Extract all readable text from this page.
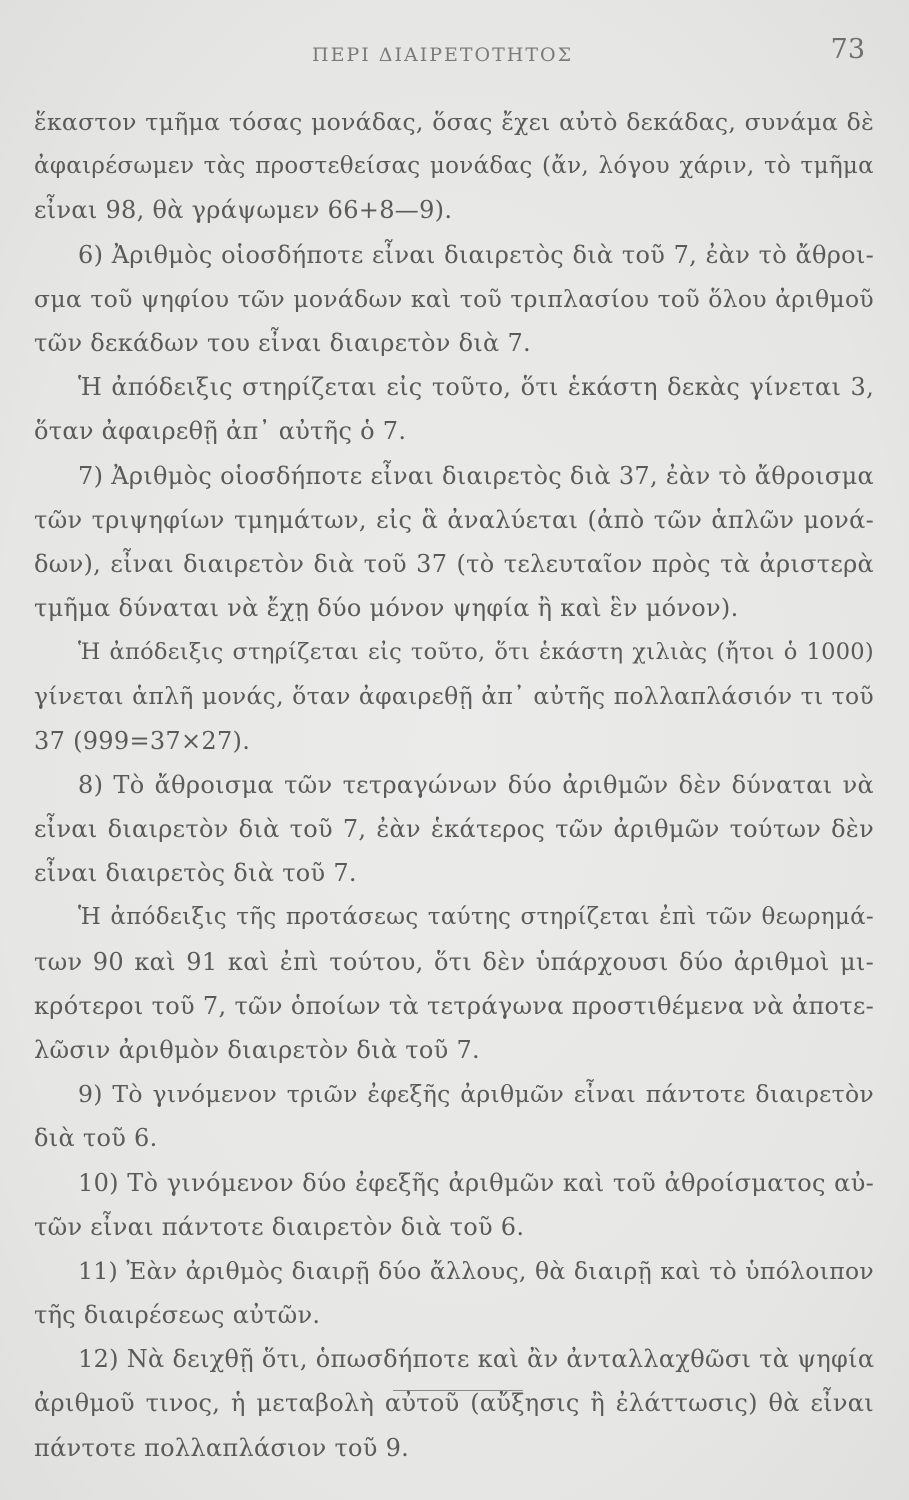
ΠΕΡΙ ΔΙΑΙΡΕΤΟΤΗΤΟΣ	73
ἕκαστον τμῆμα τόσας μονάδας, ὅσας ἔχει αὐτὸ δεκάδας, συνάμα δὲ
ἀφαιρέσωμεν τὰς προστεθείσας μονάδας (ἄν, λόγου χάριν, τὸ τμῆμα
εἶναι 98, θὰ γράψωμεν 66+8—9).
6) Ἀριθμὸς οἱοσδήποτε εἶναι διαιρετὸς διὰ τοῦ 7, ἐὰν τὸ ἄθροι-
σμα τοῦ ψηφίου τῶν μονάδων καὶ τοῦ τριπλασίου τοῦ ὅλου ἀριθμοῦ
τῶν δεκάδων του εἶναι διαιρετὸν διὰ 7.
Ἡ ἀπόδειξις στηρίζεται εἰς τοῦτο, ὅτι ἑκάστη δεκὰς γίνεται 3,
ὅταν ἀφαιρεθῇ ἀπ᾽ αὐτῆς ὁ 7.
7) Ἀριθμὸς οἱοσδήποτε εἶναι διαιρετὸς διὰ 37, ἐὰν τὸ ἄθροισμα
τῶν τριψηφίων τμημάτων, εἰς ἃ ἀναλύεται (ἀπὸ τῶν ἁπλῶν μονά-
δων), εἶναι διαιρετὸν διὰ τοῦ 37 (τὸ τελευταῖον πρὸς τὰ ἀριστερὰ
τμῆμα δύναται νὰ ἔχῃ δύο μόνον ψηφία ἢ καὶ ἓν μόνον).
Ἡ ἀπόδειξις στηρίζεται εἰς τοῦτο, ὅτι ἑκάστη χιλιὰς (ἤτοι ὁ 1000)
γίνεται ἁπλῆ μονάς, ὅταν ἀφαιρεθῇ ἀπ᾽ αὐτῆς πολλαπλάσιόν τι τοῦ
37 (999=37×27).
8) Τὸ ἄθροισμα τῶν τετραγώνων δύο ἀριθμῶν δὲν δύναται νὰ
εἶναι διαιρετὸν διὰ τοῦ 7, ἐὰν ἑκάτερος τῶν ἀριθμῶν τούτων δὲν
εἶναι διαιρετὸς διὰ τοῦ 7.
Ἡ ἀπόδειξις τῆς προτάσεως ταύτης στηρίζεται ἐπὶ τῶν θεωρημά-
των 90 καὶ 91 καὶ ἐπὶ τούτου, ὅτι δὲν ὑπάρχουσι δύο ἀριθμοὶ μι-
κρότεροι τοῦ 7, τῶν ὁποίων τὰ τετράγωνα προστιθέμενα νὰ ἀποτε-
λῶσιν ἀριθμὸν διαιρετὸν διὰ τοῦ 7.
9) Τὸ γινόμενον τριῶν ἐφεξῆς ἀριθμῶν εἶναι πάντοτε διαιρετὸν
διὰ τοῦ 6.
10) Τὸ γινόμενον δύο ἐφεξῆς ἀριθμῶν καὶ τοῦ ἀθροίσματος αὐ-
τῶν εἶναι πάντοτε διαιρετὸν διὰ τοῦ 6.
11) Ἐὰν ἀριθμὸς διαιρῇ δύο ἄλλους, θὰ διαιρῇ καὶ τὸ ὑπόλοιπον
τῆς διαιρέσεως αὐτῶν.
12) Νὰ δειχθῇ ὅτι, ὁπωσδήποτε καὶ ἂν ἀνταλλαχθῶσι τὰ ψηφία
ἀριθμοῦ τινος, ἡ μεταβολὴ αὐτοῦ (αὔξησις ἢ ἐλάττωσις) θὰ εἶναι
πάντοτε πολλαπλάσιον τοῦ 9.
